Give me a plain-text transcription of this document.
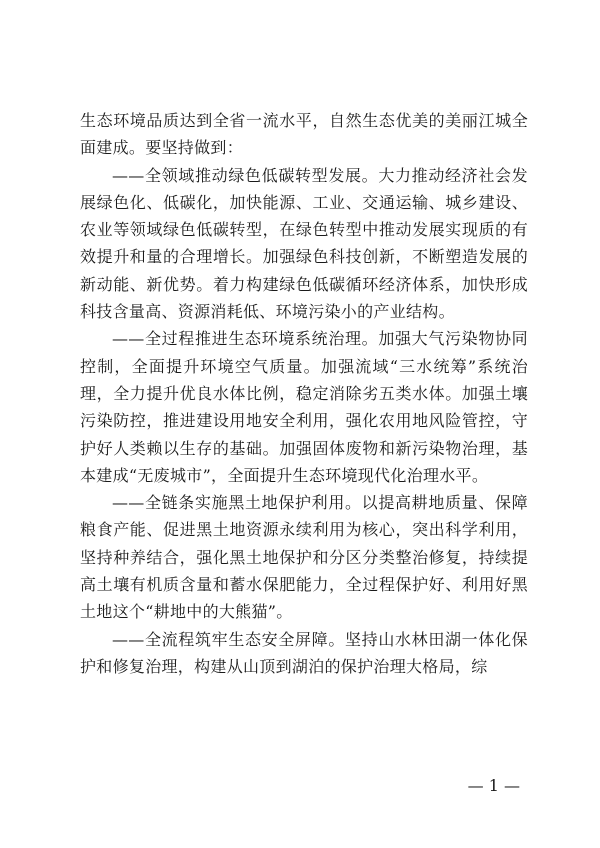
生态环境品质达到全省一流水平，自然生态优美的美丽江城全面建成。要坚持做到：

——全领域推动绿色低碳转型发展。大力推动经济社会发展绿色化、低碳化，加快能源、工业、交通运输、城乡建设、农业等领域绿色低碳转型，在绿色转型中推动发展实现质的有效提升和量的合理增长。加强绿色科技创新，不断塑造发展的新动能、新优势。着力构建绿色低碳循环经济体系，加快形成科技含量高、资源消耗低、环境污染小的产业结构。

——全过程推进生态环境系统治理。加强大气污染物协同控制，全面提升环境空气质量。加强流域“三水统筹”系统治理，全力提升优良水体比例，稳定消除劣五类水体。加强土壤污染防控，推进建设用地安全利用，强化农用地风险管控，守护好人类赖以生存的基础。加强固体废物和新污染物治理，基本建成“无废城市”，全面提升生态环境现代化治理水平。

——全链条实施黑土地保护利用。以提高耕地质量、保障粮食产能、促进黑土地资源永续利用为核心，突出科学利用，坚持种养结合，强化黑土地保护和分区分类整治修复，持续提高土壤有机质含量和蓄水保肥能力，全过程保护好、利用好黑土地这个“耕地中的大熊猫”。

——全流程筑牢生态安全屏障。坚持山水林田湖一体化保护和修复治理，构建从山顶到湖泊的保护治理大格局，综

— 1 —
